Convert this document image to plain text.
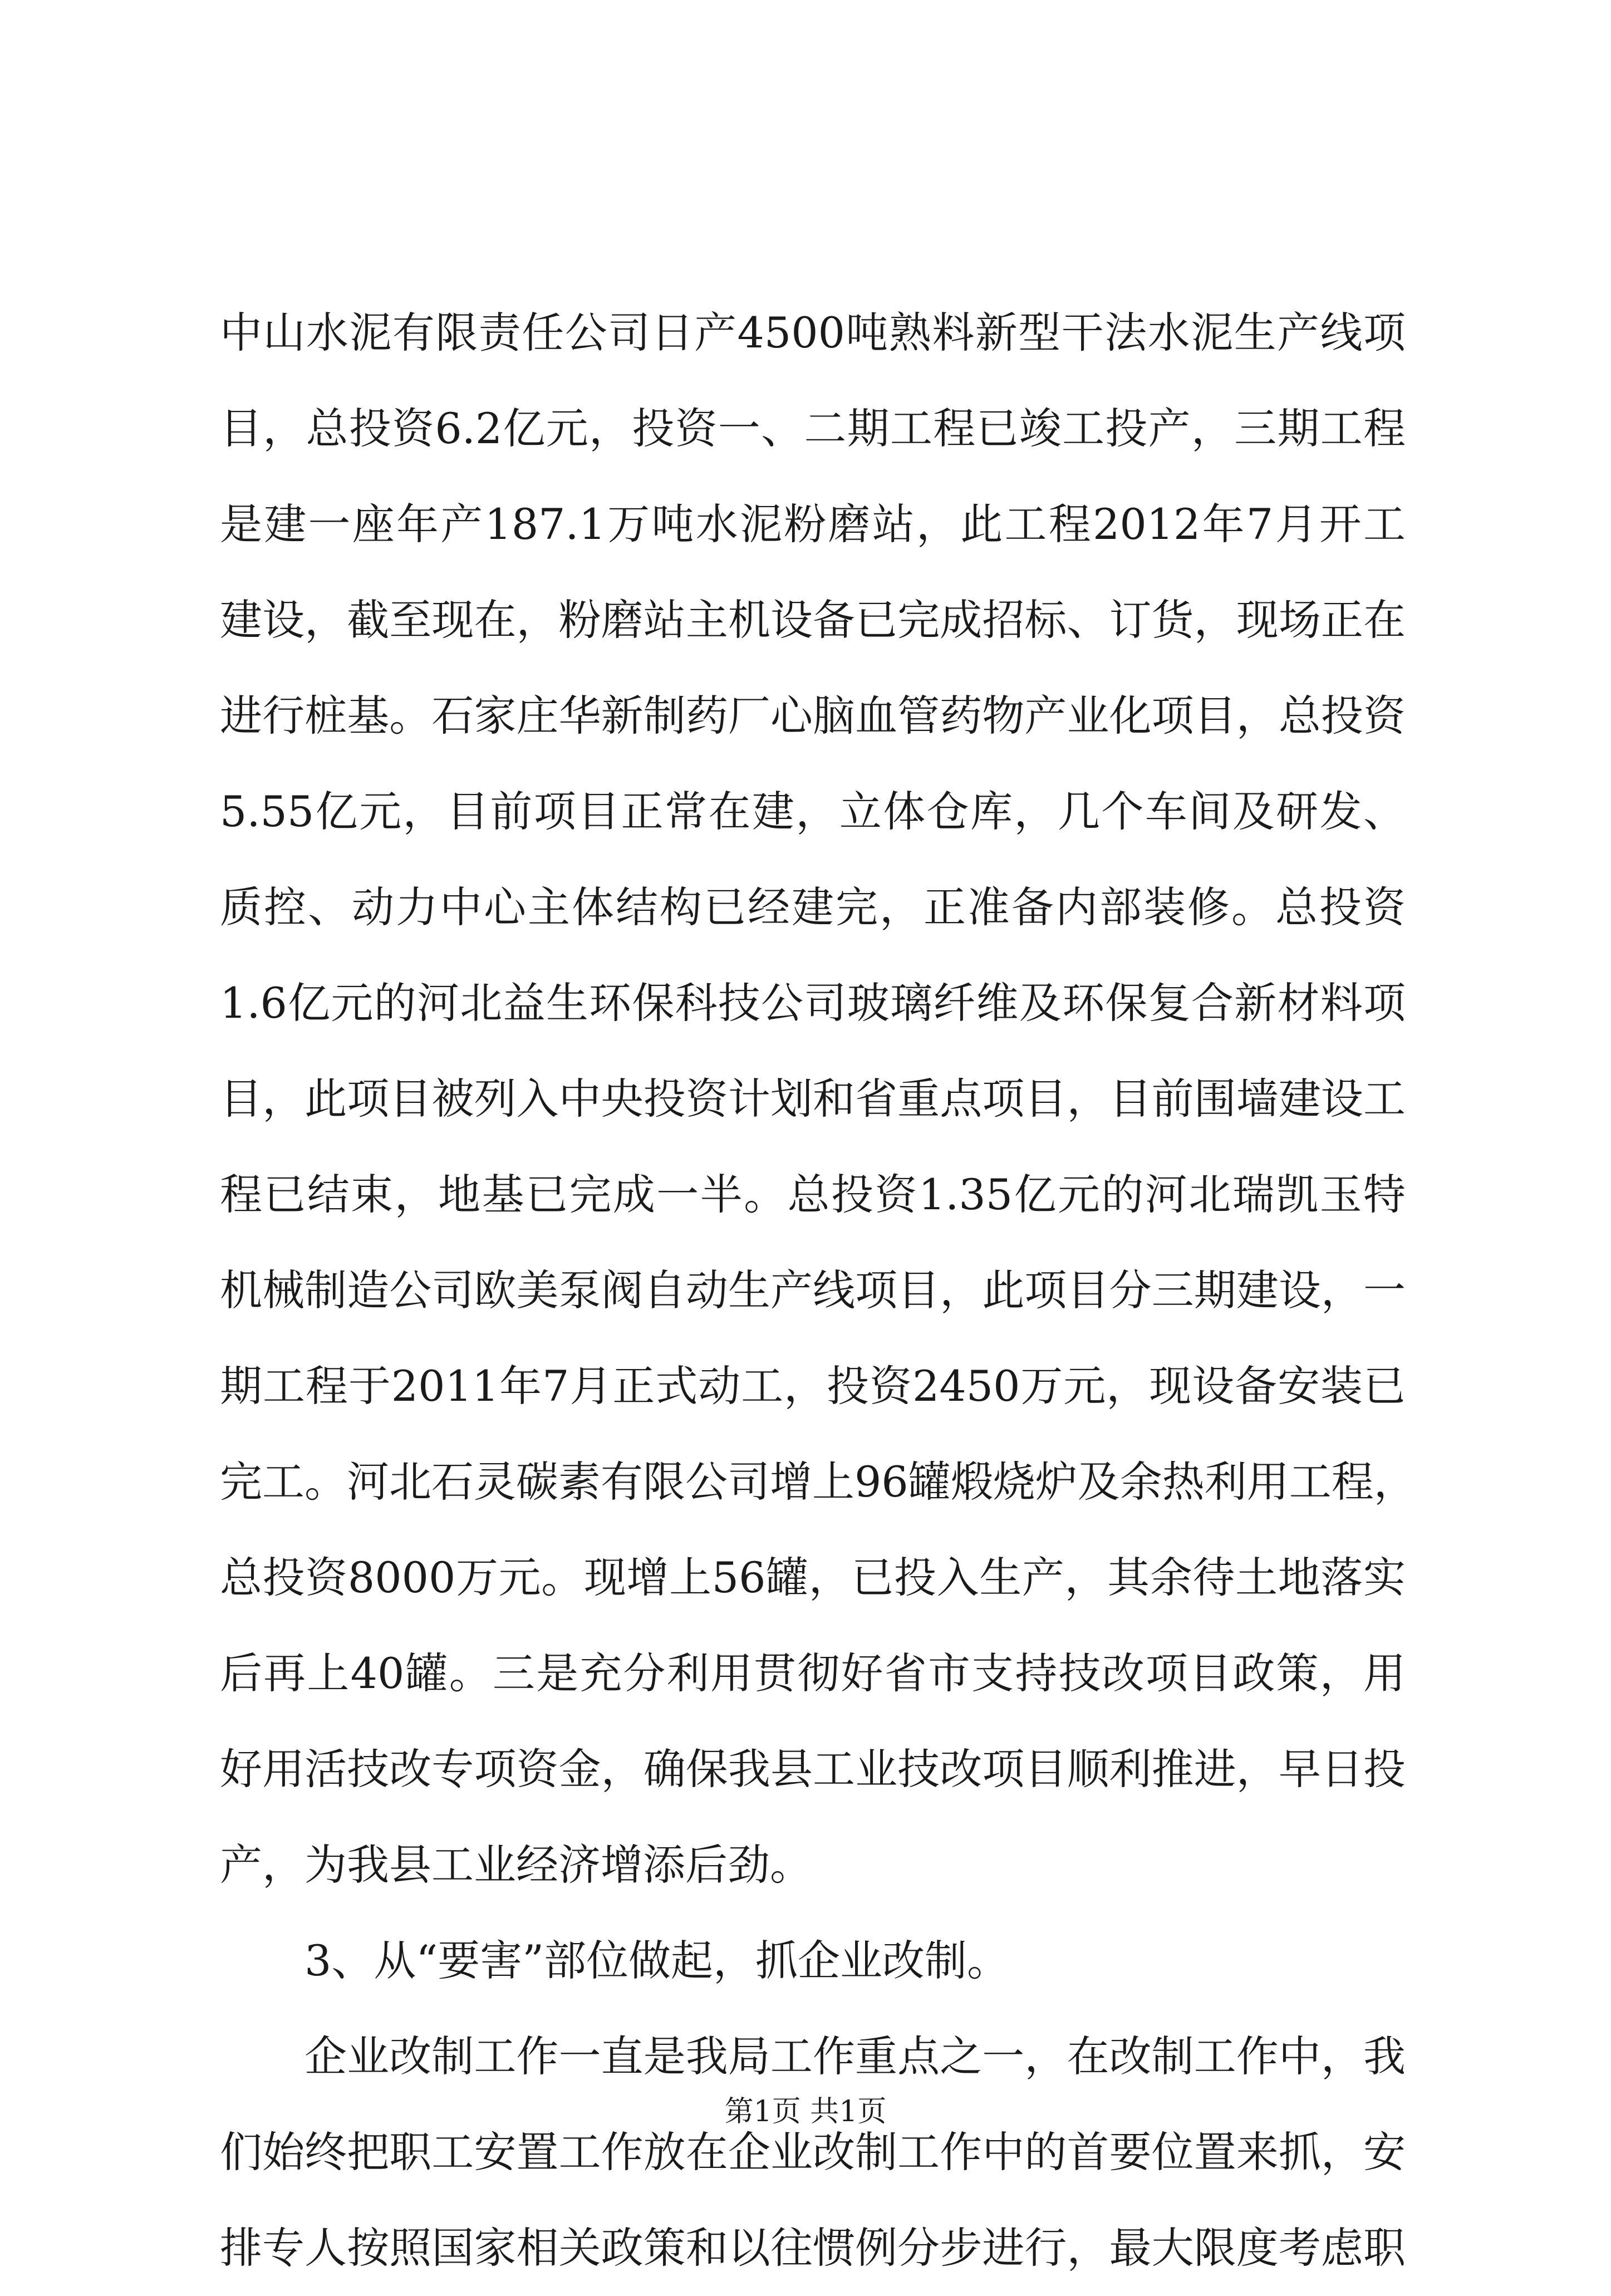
中山水泥有限责任公司日产4500吨熟料新型干法水泥生产线项
目，总投资6.2亿元，投资一、二期工程已竣工投产，三期工程
是建一座年产187.1万吨水泥粉磨站，此工程2012年7月开工
建设，截至现在，粉磨站主机设备已完成招标、订货，现场正在
进行桩基。石家庄华新制药厂心脑血管药物产业化项目，总投资
5.55亿元，目前项目正常在建，立体仓库，几个车间及研发、
质控、动力中心主体结构已经建完，正准备内部装修。总投资
1.6亿元的河北益生环保科技公司玻璃纤维及环保复合新材料项
目，此项目被列入中央投资计划和省重点项目，目前围墙建设工
程已结束，地基已完成一半。总投资1.35亿元的河北瑞凯玉特
机械制造公司欧美泵阀自动生产线项目，此项目分三期建设，一
期工程于2011年7月正式动工，投资2450万元，现设备安装已
完工。河北石灵碳素有限公司增上96罐煅烧炉及余热利用工程，
总投资8000万元。现增上56罐，已投入生产，其余待土地落实
后再上40罐。三是充分利用贯彻好省市支持技改项目政策，用
好用活技改专项资金，确保我县工业技改项目顺利推进，早日投
产，为我县工业经济增添后劲。
3、从“要害”部位做起，抓企业改制。
企业改制工作一直是我局工作重点之一，在改制工作中，我
们始终把职工安置工作放在企业改制工作中的首要位置来抓，安
排专人按照国家相关政策和以往惯例分步进行，最大限度考虑职
第1页 共1页
